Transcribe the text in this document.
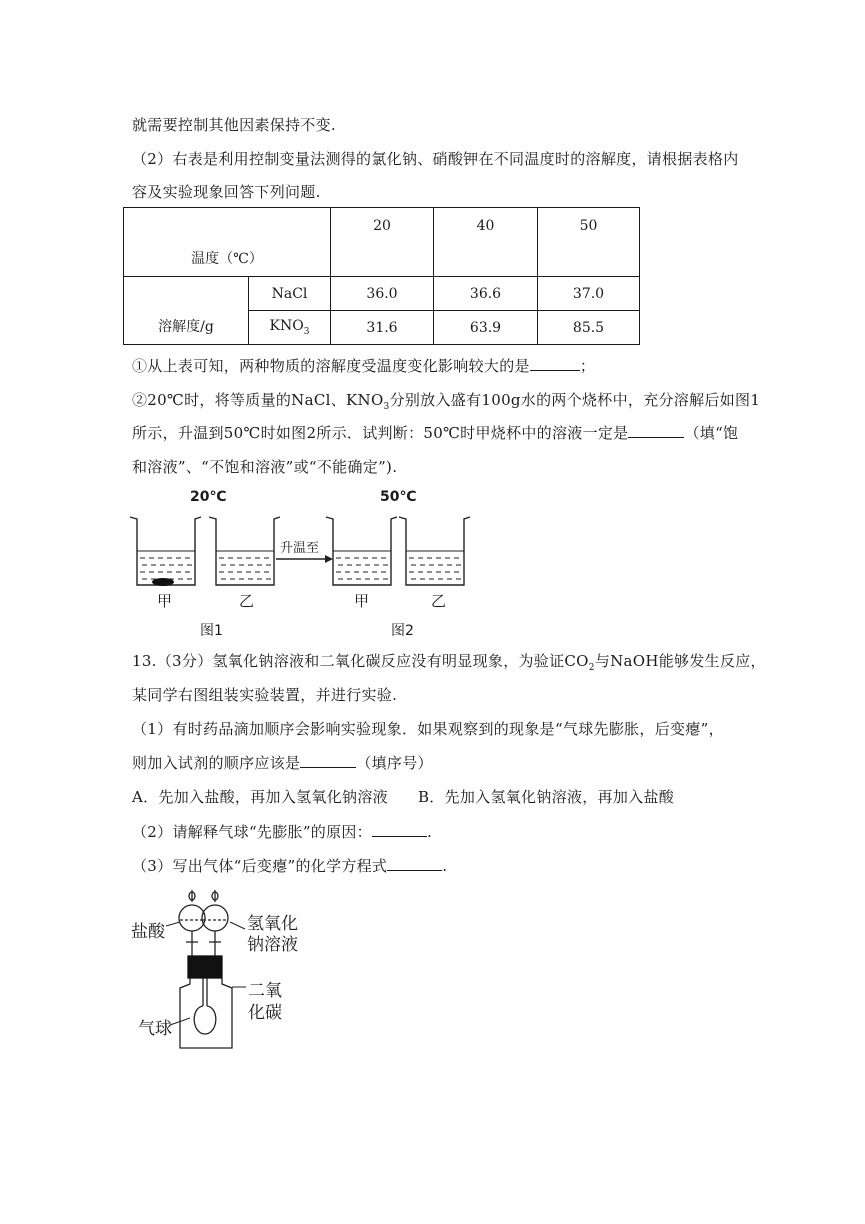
就需要控制其他因素保持不变.
（2）右表是利用控制变量法测得的氯化钠、硝酸钾在不同温度时的溶解度，请根据表格内
容及实验现象回答下列问题.
温度（℃）		20	40	50
溶解度/g	NaCl	36.0	36.6	37.0
	$KNO_3$	31.6	63.9	85.5
①从上表可知，两种物质的溶解度受温度变化影响较大的是	；
②20℃时，将等质量的NaCl、$KNO_3$分别放入盛有100g水的两个烧杯中，充分溶解后如图1
所示，升温到50℃时如图2所示．试判断：50℃时甲烧杯中的溶液一定是	（填“饱
和溶液”、“不饱和溶液”或“不能确定”).
20℃	50℃
升温至
甲	乙	甲	乙
图1	图2
13.（3分）氢氧化钠溶液和二氧化碳反应没有明显现象，为验证$CO_2$与NaOH能够发生反应，
某同学右图组装实验装置，并进行实验.
（1）有时药品滴加顺序会影响实验现象．如果观察到的现象是“气球先膨胀，后变瘪”，
则加入试剂的顺序应该是	（填序号）
A．先加入盐酸，再加入氢氧化钠溶液 B．先加入氢氧化钠溶液，再加入盐酸
（2）请解释气球“先膨胀”的原因：	.
（3）写出气体“后变瘪”的化学方程式	.
盐酸	氢氧化
钠溶液
二氧
化碳
气球
